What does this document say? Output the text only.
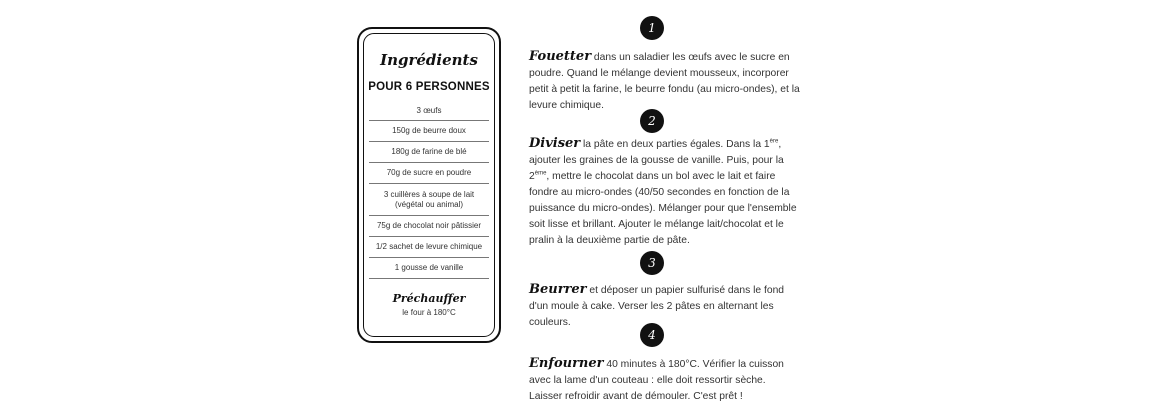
Ingrédients
POUR 6 PERSONNES
3 œufs
150g de beurre doux
180g de farine de blé
70g de sucre en poudre
3 cuillères à soupe de lait (végétal ou animal)
75g de chocolat noir pâtissier
1/2 sachet de levure chimique
1 gousse de vanille
Préchauffer
le four à 180°C
1
Fouetter dans un saladier les œufs avec le sucre en poudre. Quand le mélange devient mousseux, incorporer petit à petit la farine, le beurre fondu (au micro-ondes), et la levure chimique.
2
Diviser la pâte en deux parties égales. Dans la 1ère, ajouter les graines de la gousse de vanille. Puis, pour la 2ème, mettre le chocolat dans un bol avec le lait et faire fondre au micro-ondes (40/50 secondes en fonction de la puissance du micro-ondes). Mélanger pour que l'ensemble soit lisse et brillant. Ajouter le mélange lait/chocolat et le pralin à la deuxième partie de pâte.
3
Beurrer et déposer un papier sulfurisé dans le fond d'un moule à cake. Verser les 2 pâtes en alternant les couleurs.
4
Enfourner 40 minutes à 180°C. Vérifier la cuisson avec la lame d'un couteau : elle doit ressortir sèche. Laisser refroidir avant de démouler. C'est prêt !
